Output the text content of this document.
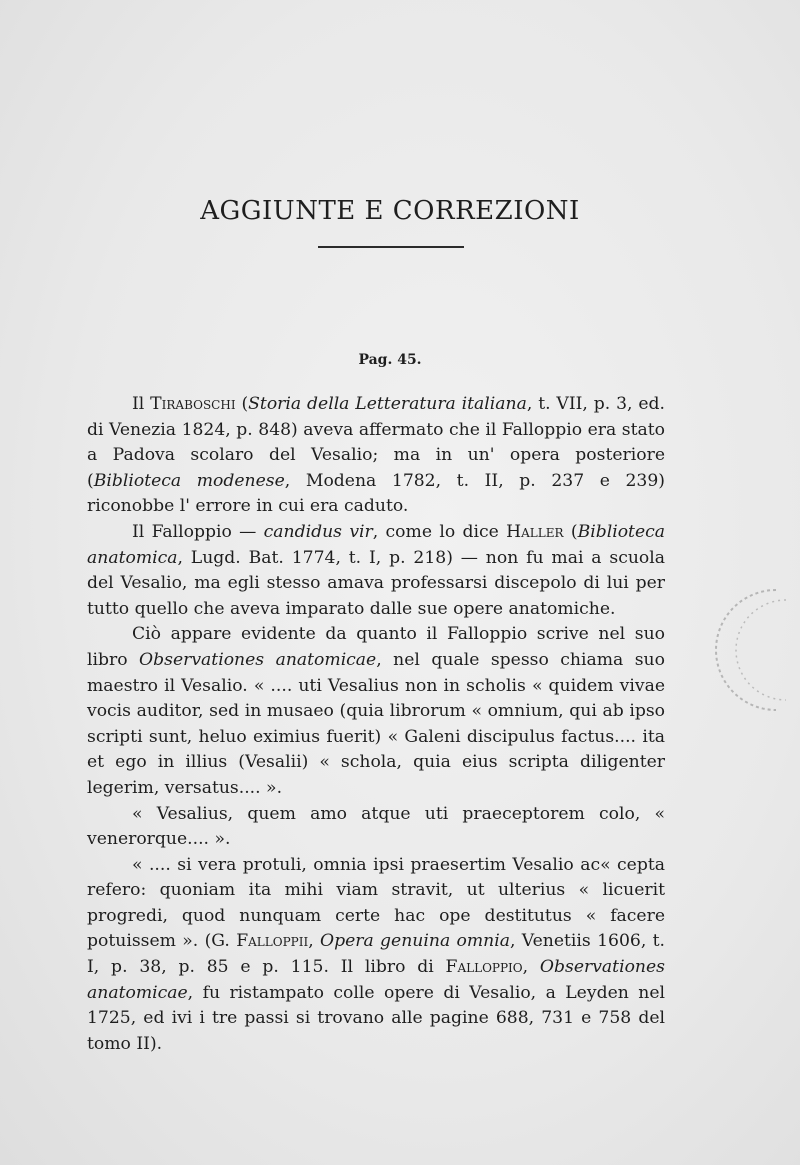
AGGIUNTE E CORREZIONI
Pag. 45.

Il Tiraboschi (Storia della Letteratura italiana, t. VII, p. 3, ed. di Venezia 1824, p. 848) aveva affermato che il Falloppio era stato a Padova scolaro del Vesalio; ma in un' opera posteriore (Biblioteca modenese, Modena 1782, t. II, p. 237 e 239) riconobbe l' errore in cui era caduto.

Il Falloppio — candidus vir, come lo dice Haller (Biblioteca anatomica, Lugd. Bat. 1774, t. I, p. 218) — non fu mai a scuola del Vesalio, ma egli stesso amava professarsi discepolo di lui per tutto quello che aveva imparato dalle sue opere anatomiche.

Ciò appare evidente da quanto il Falloppio scrive nel suo libro Observationes anatomicae, nel quale spesso chiama suo maestro il Vesalio. « .... uti Vesalius non in scholis « quidem vivae vocis auditor, sed in musaeo (quia librorum « omnium, qui ab ipso scripti sunt, heluo eximius fuerit) « Galeni discipulus factus.... ita et ego in illius (Vesalii) « schola, quia eius scripta diligenter legerim, versatus.... ».

« Vesalius, quem amo atque uti praeceptorem colo, « venerorque.... ».

« .... si vera protuli, omnia ipsi praesertim Vesalio ac« cepta refero: quoniam ita mihi viam stravit, ut ulterius « licuerit progredi, quod nunquam certe hac ope destitutus « facere potuissem ». (G. Falloppii, Opera genuina omnia, Venetiis 1606, t. I, p. 38, p. 85 e p. 115. Il libro di Falloppio, Observationes anatomicae, fu ristampato colle opere di Vesalio, a Leyden nel 1725, ed ivi i tre passi si trovano alle pagine 688, 731 e 758 del tomo II).
